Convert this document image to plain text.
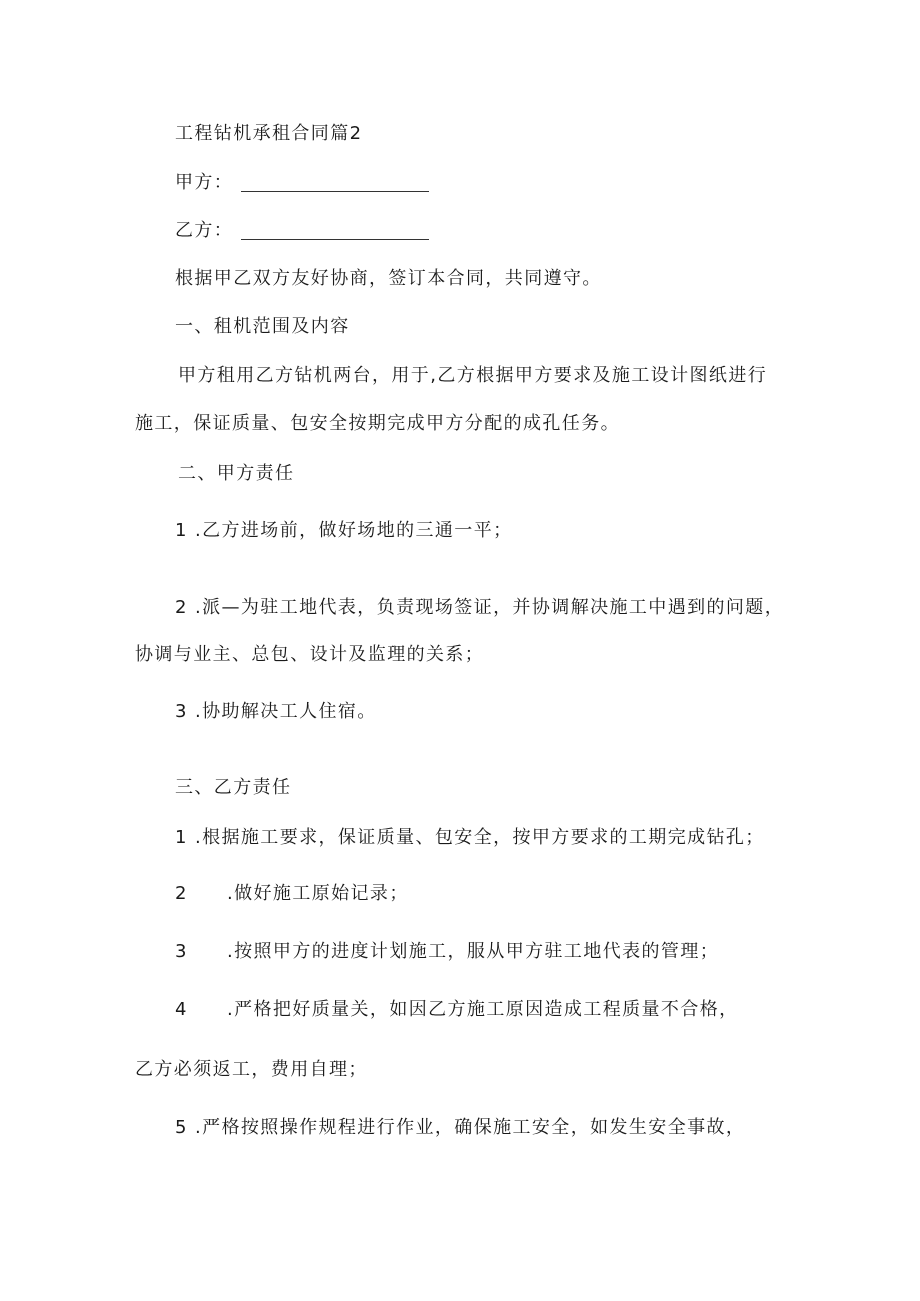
工程钻机承租合同篇2
甲方：
乙方：
根据甲乙双方友好协商，签订本合同，共同遵守。
一、租机范围及内容
甲方租用乙方钻机两台，用于,乙方根据甲方要求及施工设计图纸进行
施工，保证质量、包安全按期完成甲方分配的成孔任务。
二、甲方责任
1 .乙方进场前，做好场地的三通一平；
2 .派—为驻工地代表，负责现场签证，并协调解决施工中遇到的问题，
协调与业主、总包、设计及监理的关系；
3 .协助解决工人住宿。
三、乙方责任
1 .根据施工要求，保证质量、包安全，按甲方要求的工期完成钻孔；
2 .做好施工原始记录；
3 .按照甲方的进度计划施工，服从甲方驻工地代表的管理；
4 .严格把好质量关，如因乙方施工原因造成工程质量不合格，
乙方必须返工，费用自理；
5 .严格按照操作规程进行作业，确保施工安全，如发生安全事故，
